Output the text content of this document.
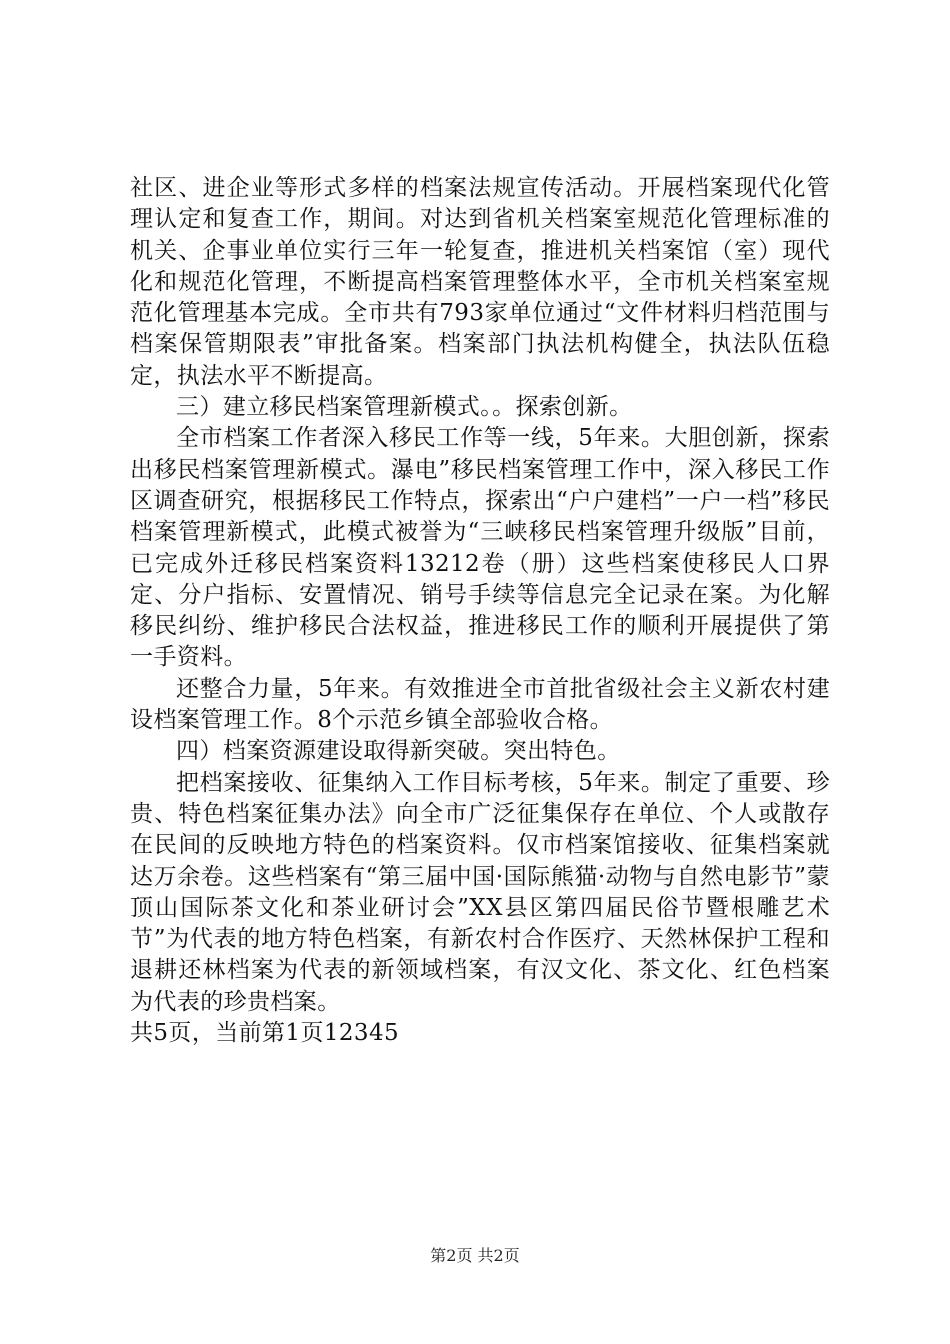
社区、进企业等形式多样的档案法规宣传活动。开展档案现代化管理认定和复查工作，期间。对达到省机关档案室规范化管理标准的机关、企事业单位实行三年一轮复查，推进机关档案馆（室）现代化和规范化管理，不断提高档案管理整体水平，全市机关档案室规范化管理基本完成。全市共有793家单位通过“文件材料归档范围与档案保管期限表”审批备案。档案部门执法机构健全，执法队伍稳定，执法水平不断提高。

三）建立移民档案管理新模式。。探索创新。

全市档案工作者深入移民工作等一线，5年来。大胆创新，探索出移民档案管理新模式。瀑电”移民档案管理工作中，深入移民工作区调查研究，根据移民工作特点，探索出“户户建档”一户一档”移民档案管理新模式，此模式被誉为“三峡移民档案管理升级版”目前，已完成外迁移民档案资料13212卷（册）这些档案使移民人口界定、分户指标、安置情况、销号手续等信息完全记录在案。为化解移民纠纷、维护移民合法权益，推进移民工作的顺利开展提供了第一手资料。

还整合力量，5年来。有效推进全市首批省级社会主义新农村建设档案管理工作。8个示范乡镇全部验收合格。

四）档案资源建设取得新突破。突出特色。

把档案接收、征集纳入工作目标考核，5年来。制定了重要、珍贵、特色档案征集办法》向全市广泛征集保存在单位、个人或散存在民间的反映地方特色的档案资料。仅市档案馆接收、征集档案就达万余卷。这些档案有“第三届中国·国际熊猫·动物与自然电影节”蒙顶山国际茶文化和茶业研讨会”XX县区第四届民俗节暨根雕艺术节”为代表的地方特色档案，有新农村合作医疗、天然林保护工程和退耕还林档案为代表的新领域档案，有汉文化、茶文化、红色档案为代表的珍贵档案。

共5页，当前第1页12345

第2页 共2页
